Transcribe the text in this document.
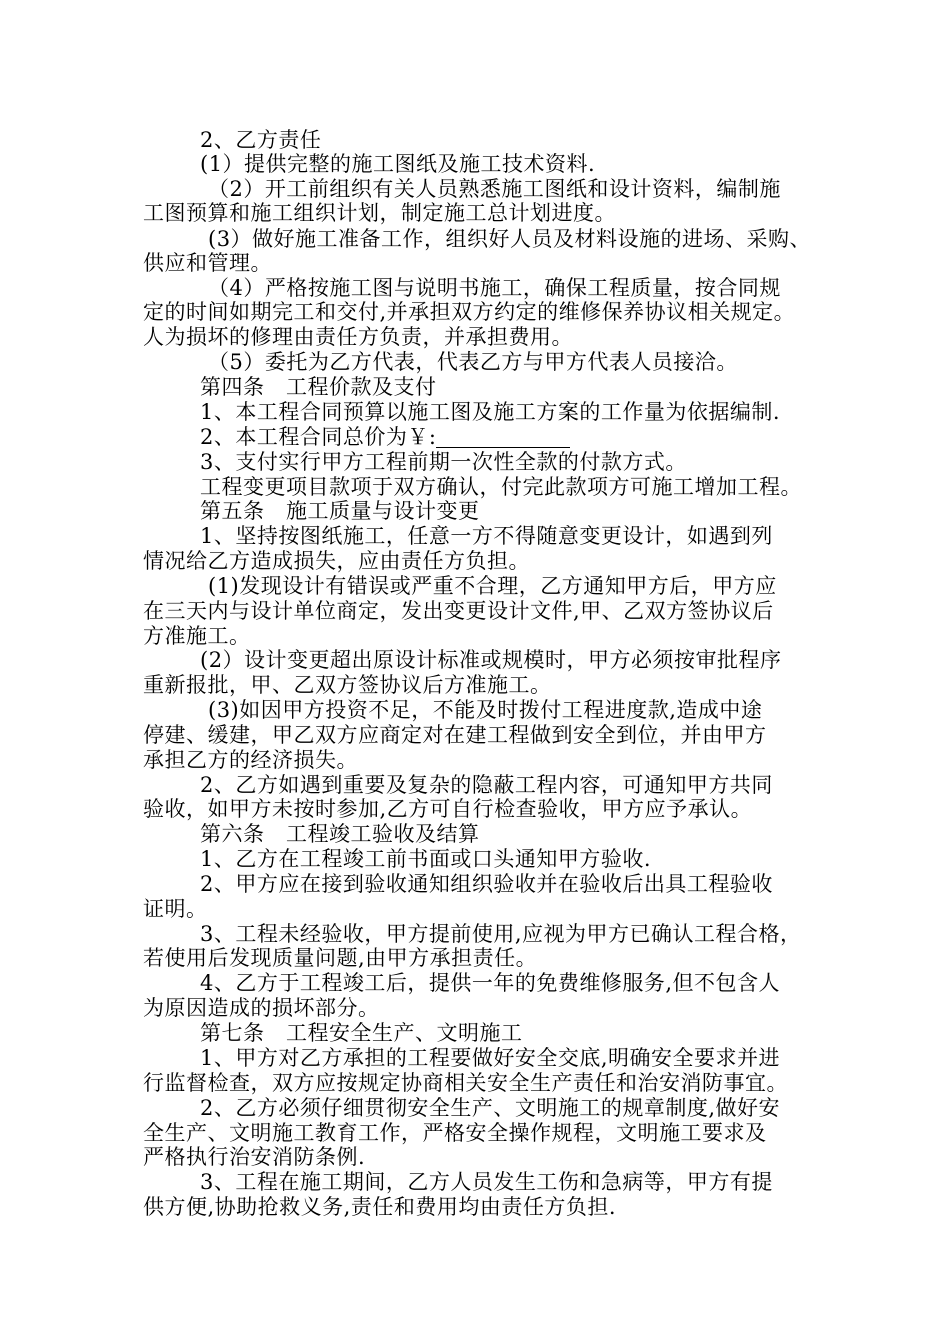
2、乙方责任
(1）提供完整的施工图纸及施工技术资料.
（2）开工前组织有关人员熟悉施工图纸和设计资料，编制施
工图预算和施工组织计划，制定施工总计划进度。
(3）做好施工准备工作，组织好人员及材料设施的进场、采购、
供应和管理。
（4）严格按施工图与说明书施工，确保工程质量，按合同规
定的时间如期完工和交付,并承担双方约定的维修保养协议相关规定。
人为损坏的修理由责任方负责，并承担费用。
（5）委托为乙方代表，代表乙方与甲方代表人员接洽。
第四条　工程价款及支付
1、本工程合同预算以施工图及施工方案的工作量为依据编制.
2、本工程合同总价为￥:
3、支付实行甲方工程前期一次性全款的付款方式。
工程变更项目款项于双方确认，付完此款项方可施工增加工程。
第五条　施工质量与设计变更
1、坚持按图纸施工，任意一方不得随意变更设计，如遇到列
情况给乙方造成损失，应由责任方负担。
(1)发现设计有错误或严重不合理，乙方通知甲方后，甲方应
在三天内与设计单位商定，发出变更设计文件,甲、乙双方签协议后
方准施工。
(2）设计变更超出原设计标准或规模时，甲方必须按审批程序
重新报批，甲、乙双方签协议后方准施工。
(3)如因甲方投资不足，不能及时拨付工程进度款,造成中途
停建、缓建，甲乙双方应商定对在建工程做到安全到位，并由甲方
承担乙方的经济损失。
2、乙方如遇到重要及复杂的隐蔽工程内容，可通知甲方共同
验收，如甲方未按时参加,乙方可自行检查验收，甲方应予承认。
第六条　工程竣工验收及结算
1、乙方在工程竣工前书面或口头通知甲方验收.
2、甲方应在接到验收通知组织验收并在验收后出具工程验收
证明。
3、工程未经验收，甲方提前使用,应视为甲方已确认工程合格，
若使用后发现质量问题,由甲方承担责任。
4、乙方于工程竣工后，提供一年的免费维修服务,但不包含人
为原因造成的损坏部分。
第七条　工程安全生产、文明施工
1、甲方对乙方承担的工程要做好安全交底,明确安全要求并进
行监督检查，双方应按规定协商相关安全生产责任和治安消防事宜。
2、乙方必须仔细贯彻安全生产、文明施工的规章制度,做好安
全生产、文明施工教育工作，严格安全操作规程，文明施工要求及
严格执行治安消防条例.
3、工程在施工期间，乙方人员发生工伤和急病等，甲方有提
供方便,协助抢救义务,责任和费用均由责任方负担.
